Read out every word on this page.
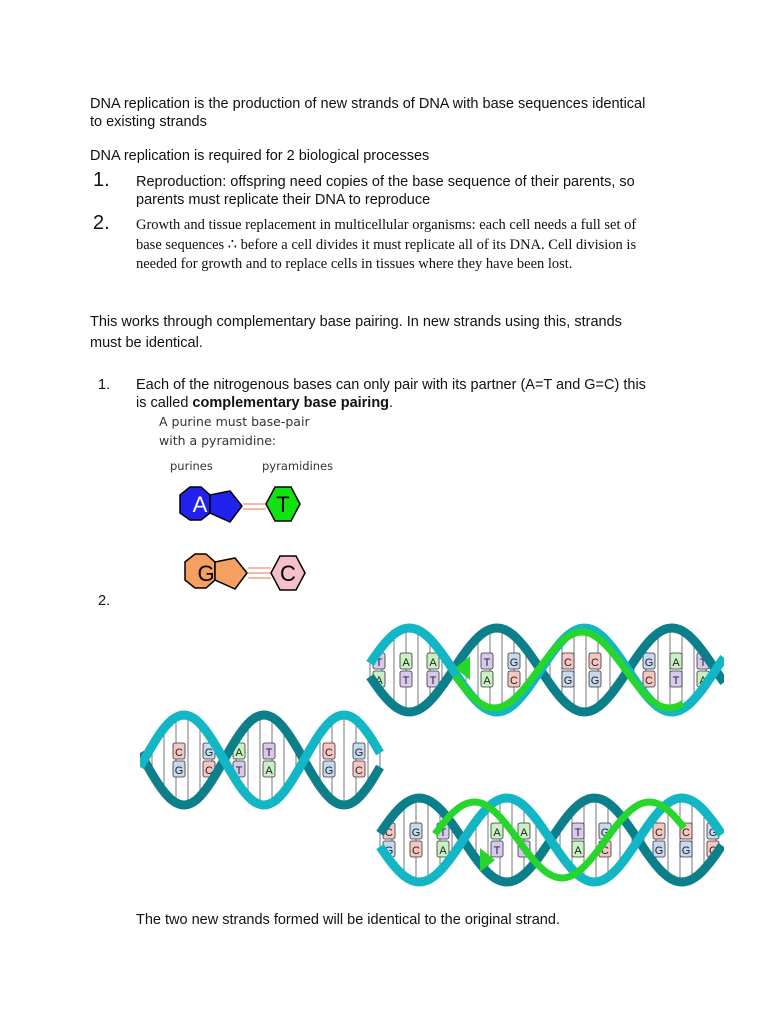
DNA replication is the production of new strands of DNA with base sequences identical
to existing strands
DNA replication is required for 2 biological processes
1. Reproduction: offspring need copies of the base sequence of their parents, so
parents must replicate their DNA to reproduce
2. Growth and tissue replacement in multicellular organisms: each cell needs a full set of
base sequences ∴ before a cell divides it must replicate all of its DNA. Cell division is
needed for growth and to replace cells in tissues where they have been lost.
This works through complementary base pairing. In new strands using this, strands
must be identical.
1. Each of the nitrogenous bases can only pair with its partner (A=T and G=C) this
is called complementary base pairing.
A purine must base-pair
with a pyramidine:
purines	pyramidines
A	T
G	C
2.
C
G
G
C
A
T
T
A
C
G
G
C
T
A
A
T
A
T
T
A
G
C
C
G
C
G
G
C
A
T
T
A
C
G
G
C
T
A
A
T
A
T
T
A
G
C
C
G
C
G
G
C
The two new strands formed will be identical to the original strand.
